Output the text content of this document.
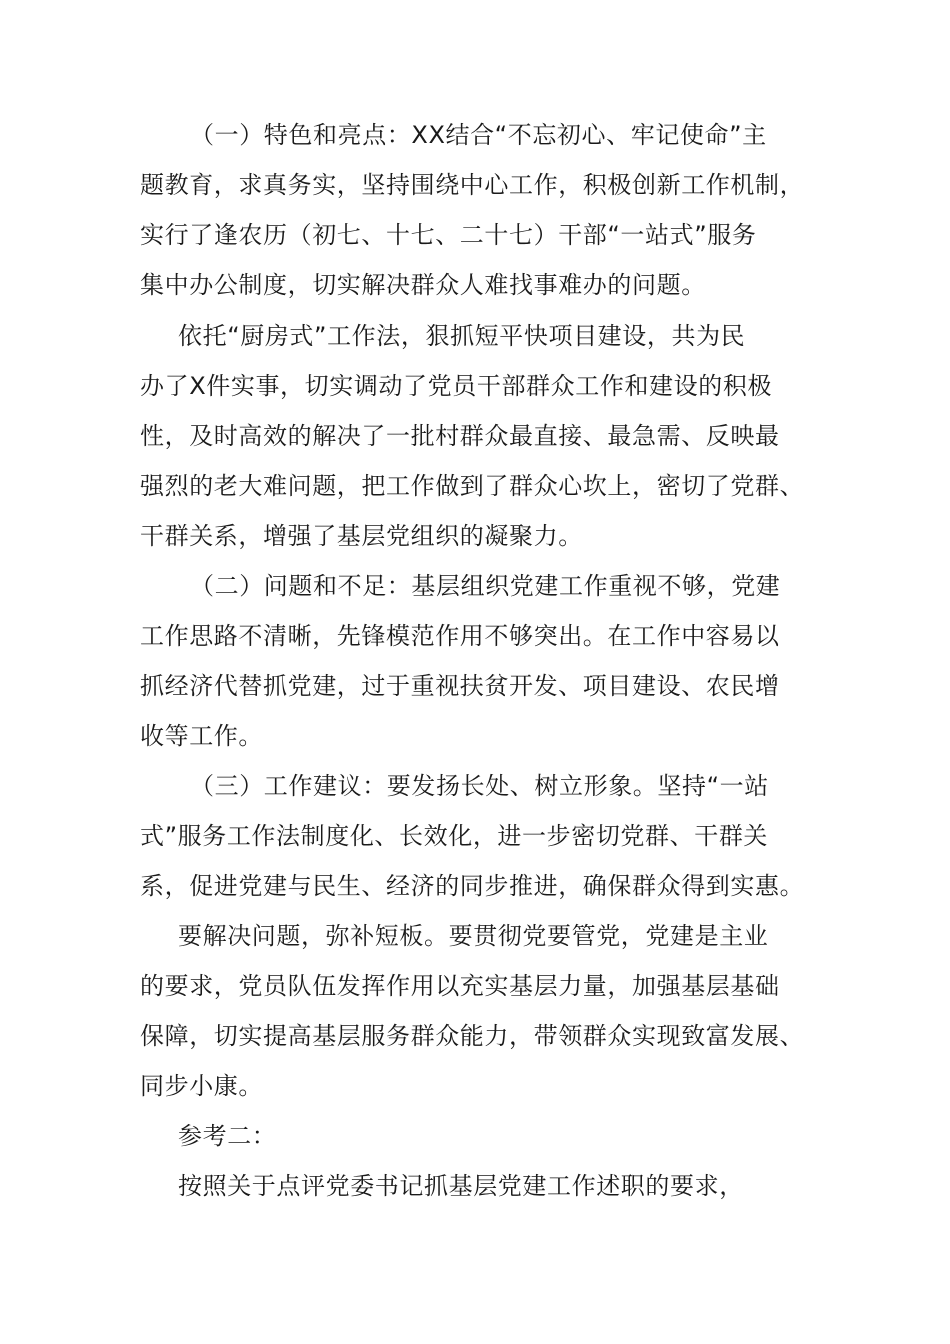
（一）特色和亮点：XX结合“不忘初心、牢记使命”主
题教育，求真务实，坚持围绕中心工作，积极创新工作机制，
实行了逢农历（初七、十七、二十七）干部“一站式”服务
集中办公制度，切实解决群众人难找事难办的问题。
依托“厨房式”工作法，狠抓短平快项目建设，共为民
办了X件实事，切实调动了党员干部群众工作和建设的积极
性，及时高效的解决了一批村群众最直接、最急需、反映最
强烈的老大难问题，把工作做到了群众心坎上，密切了党群、
干群关系，增强了基层党组织的凝聚力。
（二）问题和不足：基层组织党建工作重视不够，党建
工作思路不清晰，先锋模范作用不够突出。在工作中容易以
抓经济代替抓党建，过于重视扶贫开发、项目建设、农民增
收等工作。
（三）工作建议：要发扬长处、树立形象。坚持“一站
式”服务工作法制度化、长效化，进一步密切党群、干群关
系，促进党建与民生、经济的同步推进，确保群众得到实惠。
要解决问题，弥补短板。要贯彻党要管党，党建是主业
的要求，党员队伍发挥作用以充实基层力量，加强基层基础
保障，切实提高基层服务群众能力，带领群众实现致富发展、
同步小康。
参考二：
按照关于点评党委书记抓基层党建工作述职的要求，
